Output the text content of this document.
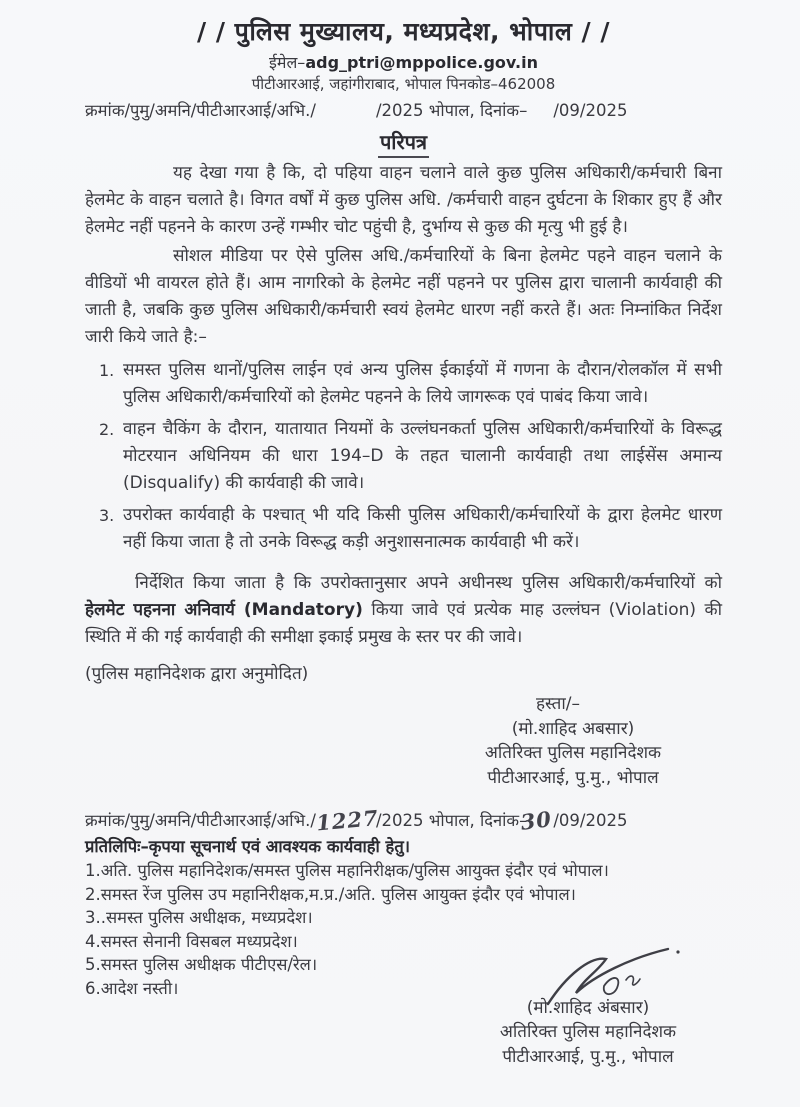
/ / पुलिस मुख्यालय, मध्यप्रदेश, भोपाल / /
ईमेल–adg_ptri@mppolice.gov.in
पीटीआरआई, जहांगीराबाद, भोपाल पिनकोड–462008
क्रमांक/पुमु/अमनि/पीटीआरआई/अभि./	/2025 भोपाल, दिनांक– /09/2025
परिपत्र

यह देखा गया है कि, दो पहिया वाहन चलाने वाले कुछ पुलिस अधिकारी/कर्मचारी बिना हेलमेट के वाहन चलाते है। विगत वर्षों में कुछ पुलिस अधि. /कर्मचारी वाहन दुर्घटना के शिकार हुए हैं और हेलमेट नहीं पहनने के कारण उन्हें गम्भीर चोट पहुंची है, दुर्भाग्य से कुछ की मृत्यु भी हुई है।

सोशल मीडिया पर ऐसे पुलिस अधि./कर्मचारियों के बिना हेलमेट पहने वाहन चलाने के वीडियों भी वायरल होते हैं। आम नागरिको के हेलमेट नहीं पहनने पर पुलिस द्वारा चालानी कार्यवाही की जाती है, जबकि कुछ पुलिस अधिकारी/कर्मचारी स्वयं हेलमेट धारण नहीं करते हैं। अतः निम्नांकित निर्देश जारी किये जाते है:–

1. समस्त पुलिस थानों/पुलिस लाईन एवं अन्य पुलिस ईकाईयों में गणना के दौरान/रोलकॉल में सभी पुलिस अधिकारी/कर्मचारियों को हेलमेट पहनने के लिये जागरूक एवं पाबंद किया जावे।
2. वाहन चैकिंग के दौरान, यातायात नियमों के उल्लंघनकर्ता पुलिस अधिकारी/कर्मचारियों के विरूद्ध मोटरयान अधिनियम की धारा 194–D के तहत चालानी कार्यवाही तथा लाईसेंस अमान्य (Disqualify) की कार्यवाही की जावे।
3. उपरोक्त कार्यवाही के पश्चात् भी यदि किसी पुलिस अधिकारी/कर्मचारियों के द्वारा हेलमेट धारण नहीं किया जाता है तो उनके विरूद्ध कड़ी अनुशासनात्मक कार्यवाही भी करें।

निर्देशित किया जाता है कि उपरोक्तानुसार अपने अधीनस्थ पुलिस अधिकारी/कर्मचारियों को हेलमेट पहनना अनिवार्य (Mandatory) किया जावे एवं प्रत्येक माह उल्लंघन (Violation) की स्थिति में की गई कार्यवाही की समीक्षा इकाई प्रमुख के स्तर पर की जावे।

(पुलिस महानिदेशक द्वारा अनुमोदित)
हस्ता/–
(मो.शाहिद अबसार)
अतिरिक्त पुलिस महानिदेशक
पीटीआरआई, पु.मु., भोपाल
क्रमांक/पुमु/अमनि/पीटीआरआई/अभि./ 1227
/2025 भोपाल, दिनांक–
30 /09/2025
प्रतिलिपिः–कृपया सूचनार्थ एवं आवश्यक कार्यवाही हेतु।
1.अति. पुलिस महानिदेशक/समस्त पुलिस महानिरीक्षक/पुलिस आयुक्त इंदौर एवं भोपाल।
2.समस्त रेंज पुलिस उप महानिरीक्षक,म.प्र./अति. पुलिस आयुक्त इंदौर एवं भोपाल।
3..समस्त पुलिस अधीक्षक, मध्यप्रदेश।
4.समस्त सेनानी विसबल मध्यप्रदेश।
5.समस्त पुलिस अधीक्षक पीटीएस/रेल।
6.आदेश नस्ती।
(मो.शाहिद अंबसार)
अतिरिक्त पुलिस महानिदेशक
पीटीआरआई, पु.मु., भोपाल
